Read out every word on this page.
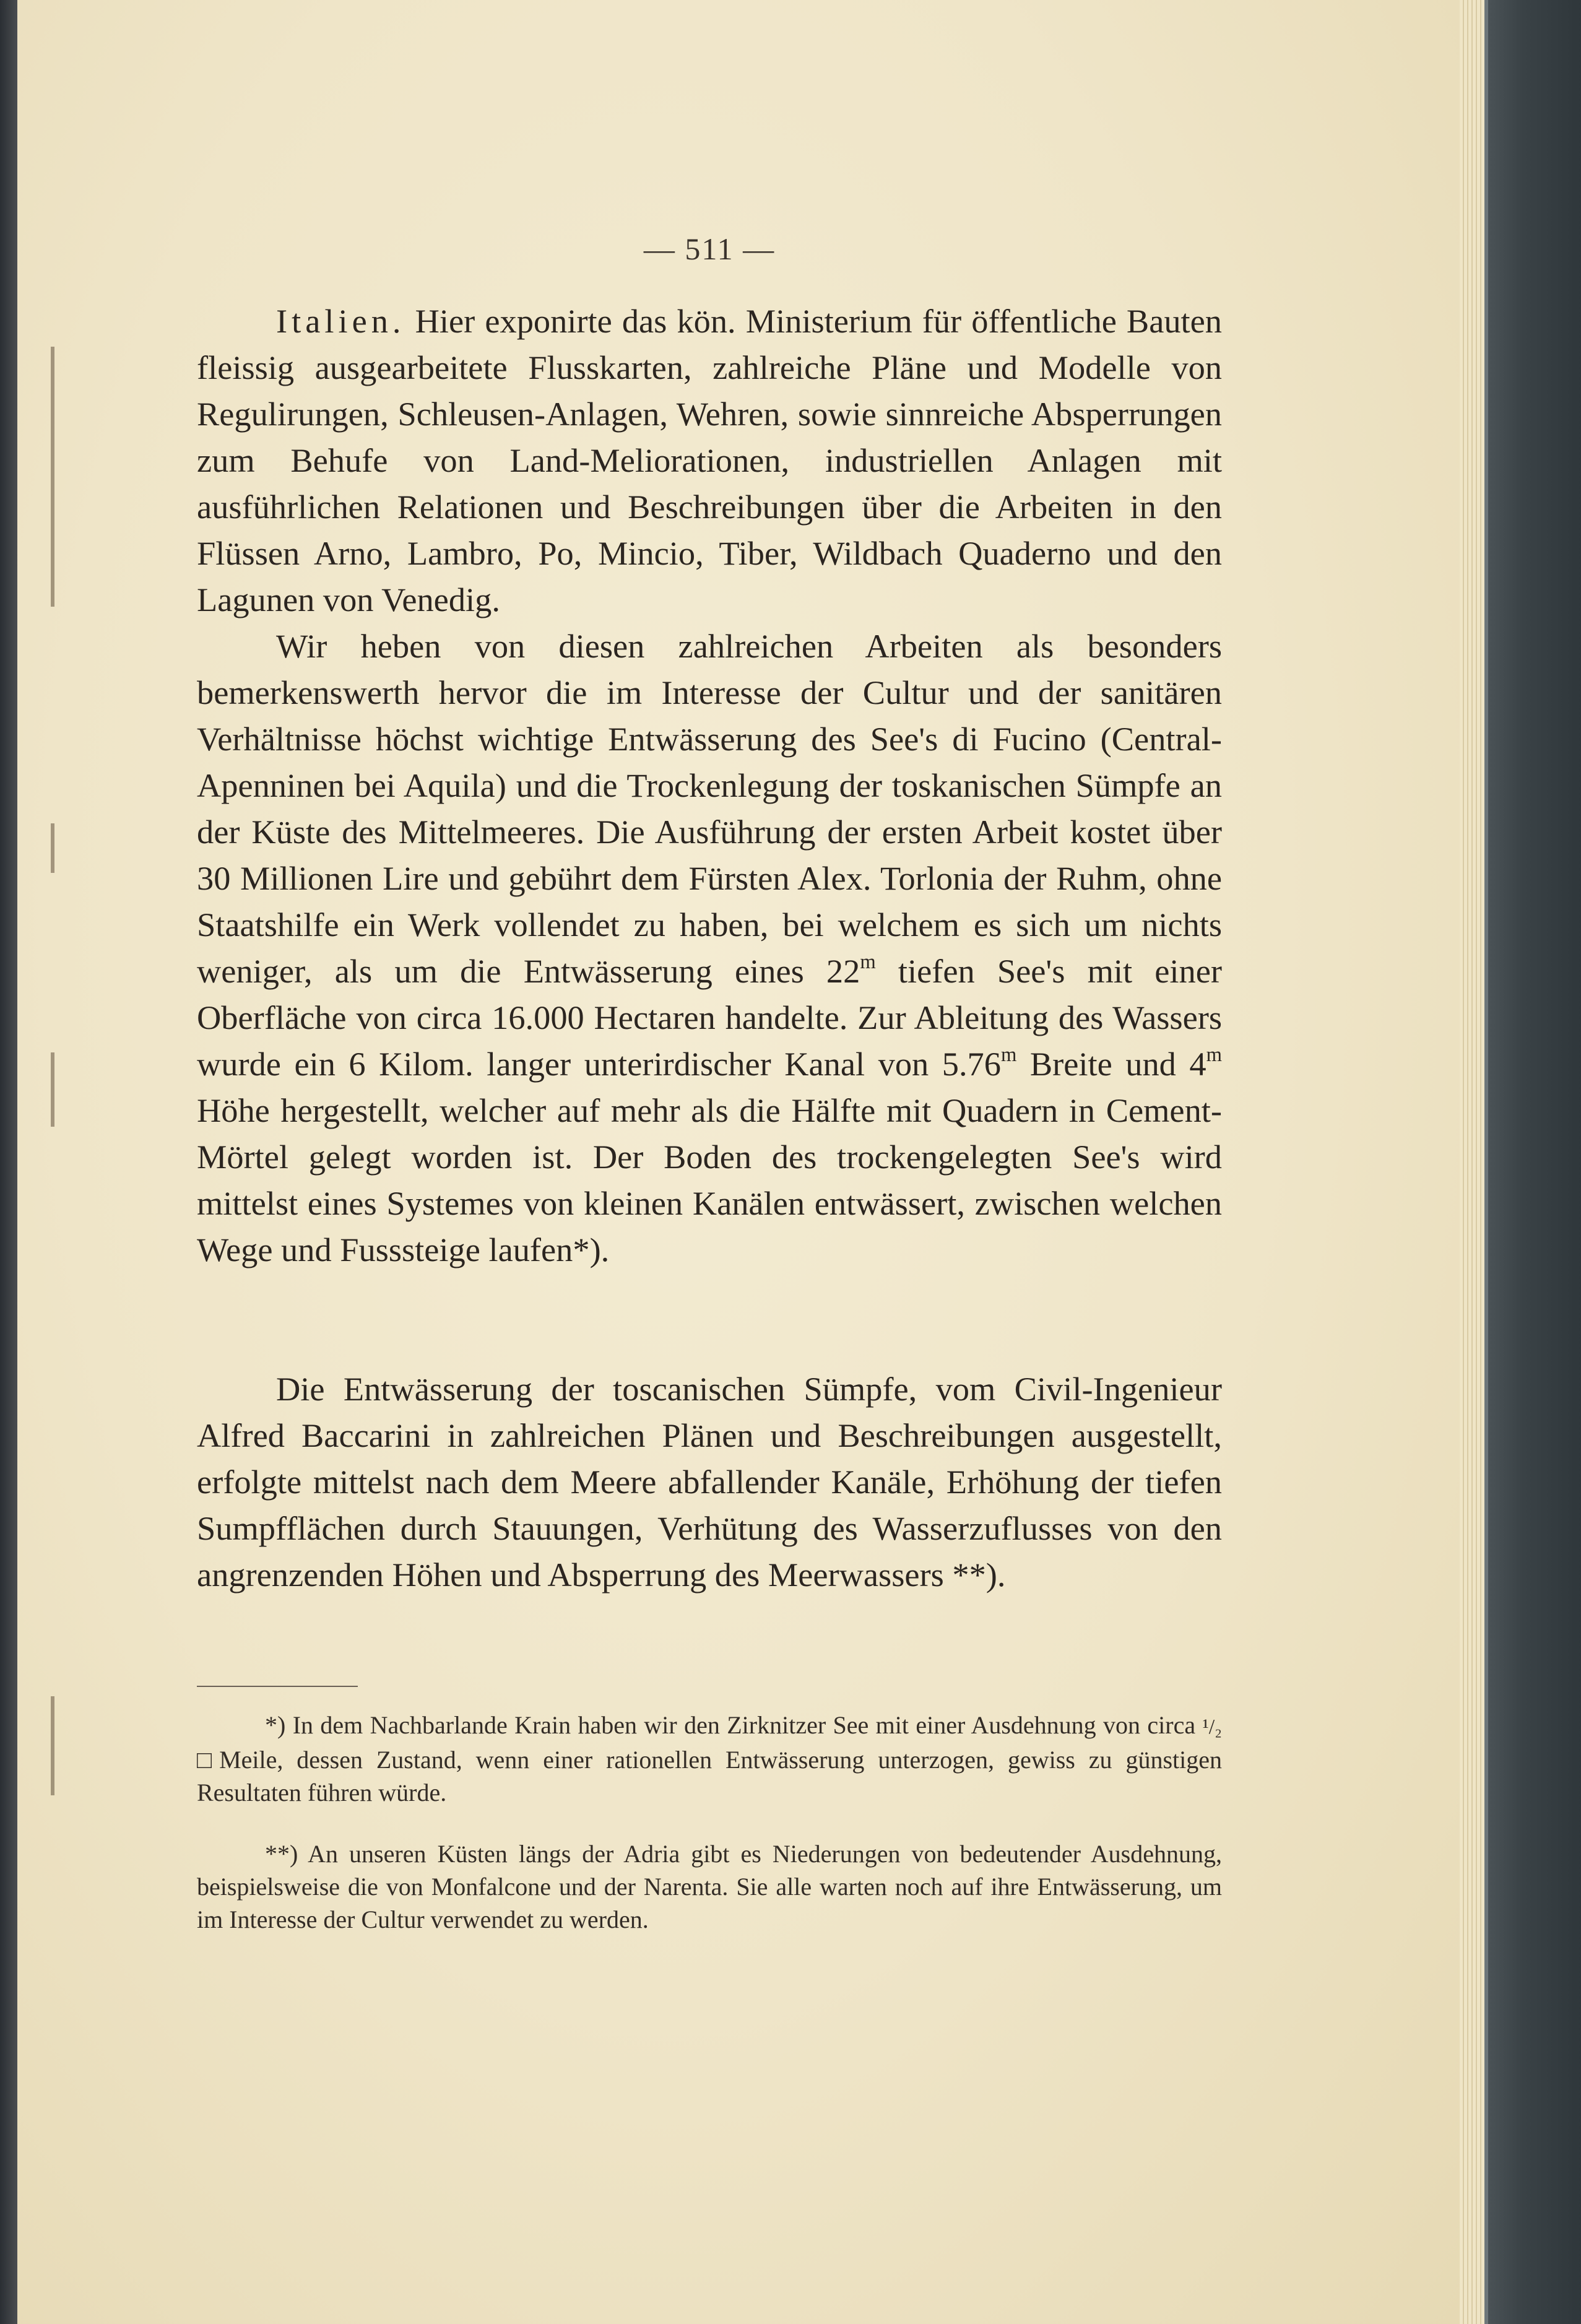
— 511 —

Italien. Hier exponirte das kön. Ministerium für öffentliche Bauten fleissig ausgearbeitete Flusskarten, zahlreiche Pläne und Modelle von Regulirungen, Schleusen-Anlagen, Wehren, sowie sinnreiche Absperrungen zum Behufe von Land-Meliorationen, industriellen Anlagen mit ausführlichen Relationen und Beschreibungen über die Arbeiten in den Flüssen Arno, Lambro, Po, Mincio, Tiber, Wildbach Quaderno und den Lagunen von Venedig.

Wir heben von diesen zahlreichen Arbeiten als besonders bemerkenswerth hervor die im Interesse der Cultur und der sanitären Verhältnisse höchst wichtige Entwässerung des See's di Fucino (Central-Apenninen bei Aquila) und die Trockenlegung der toskanischen Sümpfe an der Küste des Mittelmeeres. Die Ausführung der ersten Arbeit kostet über 30 Millionen Lire und gebührt dem Fürsten Alex. Torlonia der Ruhm, ohne Staatshilfe ein Werk vollendet zu haben, bei welchem es sich um nichts weniger, als um die Entwässerung eines 22$^m$ tiefen See's mit einer Oberfläche von circa 16.000 Hectaren handelte. Zur Ableitung des Wassers wurde ein 6 Kilom. langer unterirdischer Kanal von 5.76$^m$ Breite und 4$^m$ Höhe hergestellt, welcher auf mehr als die Hälfte mit Quadern in Cement-Mörtel gelegt worden ist. Der Boden des trockengelegten See's wird mittelst eines Systemes von kleinen Kanälen entwässert, zwischen welchen Wege und Fusssteige laufen*).

Die Entwässerung der toscanischen Sümpfe, vom Civil-Ingenieur Alfred Baccarini in zahlreichen Plänen und Beschreibungen ausgestellt, erfolgte mittelst nach dem Meere abfallender Kanäle, Erhöhung der tiefen Sumpfflächen durch Stauungen, Verhütung des Wasserzuflusses von den angrenzenden Höhen und Absperrung des Meerwassers **).

*) In dem Nachbarlande Krain haben wir den Zirknitzer See mit einer Ausdehnung von circa ¹/₂ □Meile, dessen Zustand, wenn einer rationellen Entwässerung unterzogen, gewiss zu günstigen Resultaten führen würde.

**) An unseren Küsten längs der Adria gibt es Niederungen von bedeutender Ausdehnung, beispielsweise die von Monfalcone und der Narenta. Sie alle warten noch auf ihre Entwässerung, um im Interesse der Cultur verwendet zu werden.
